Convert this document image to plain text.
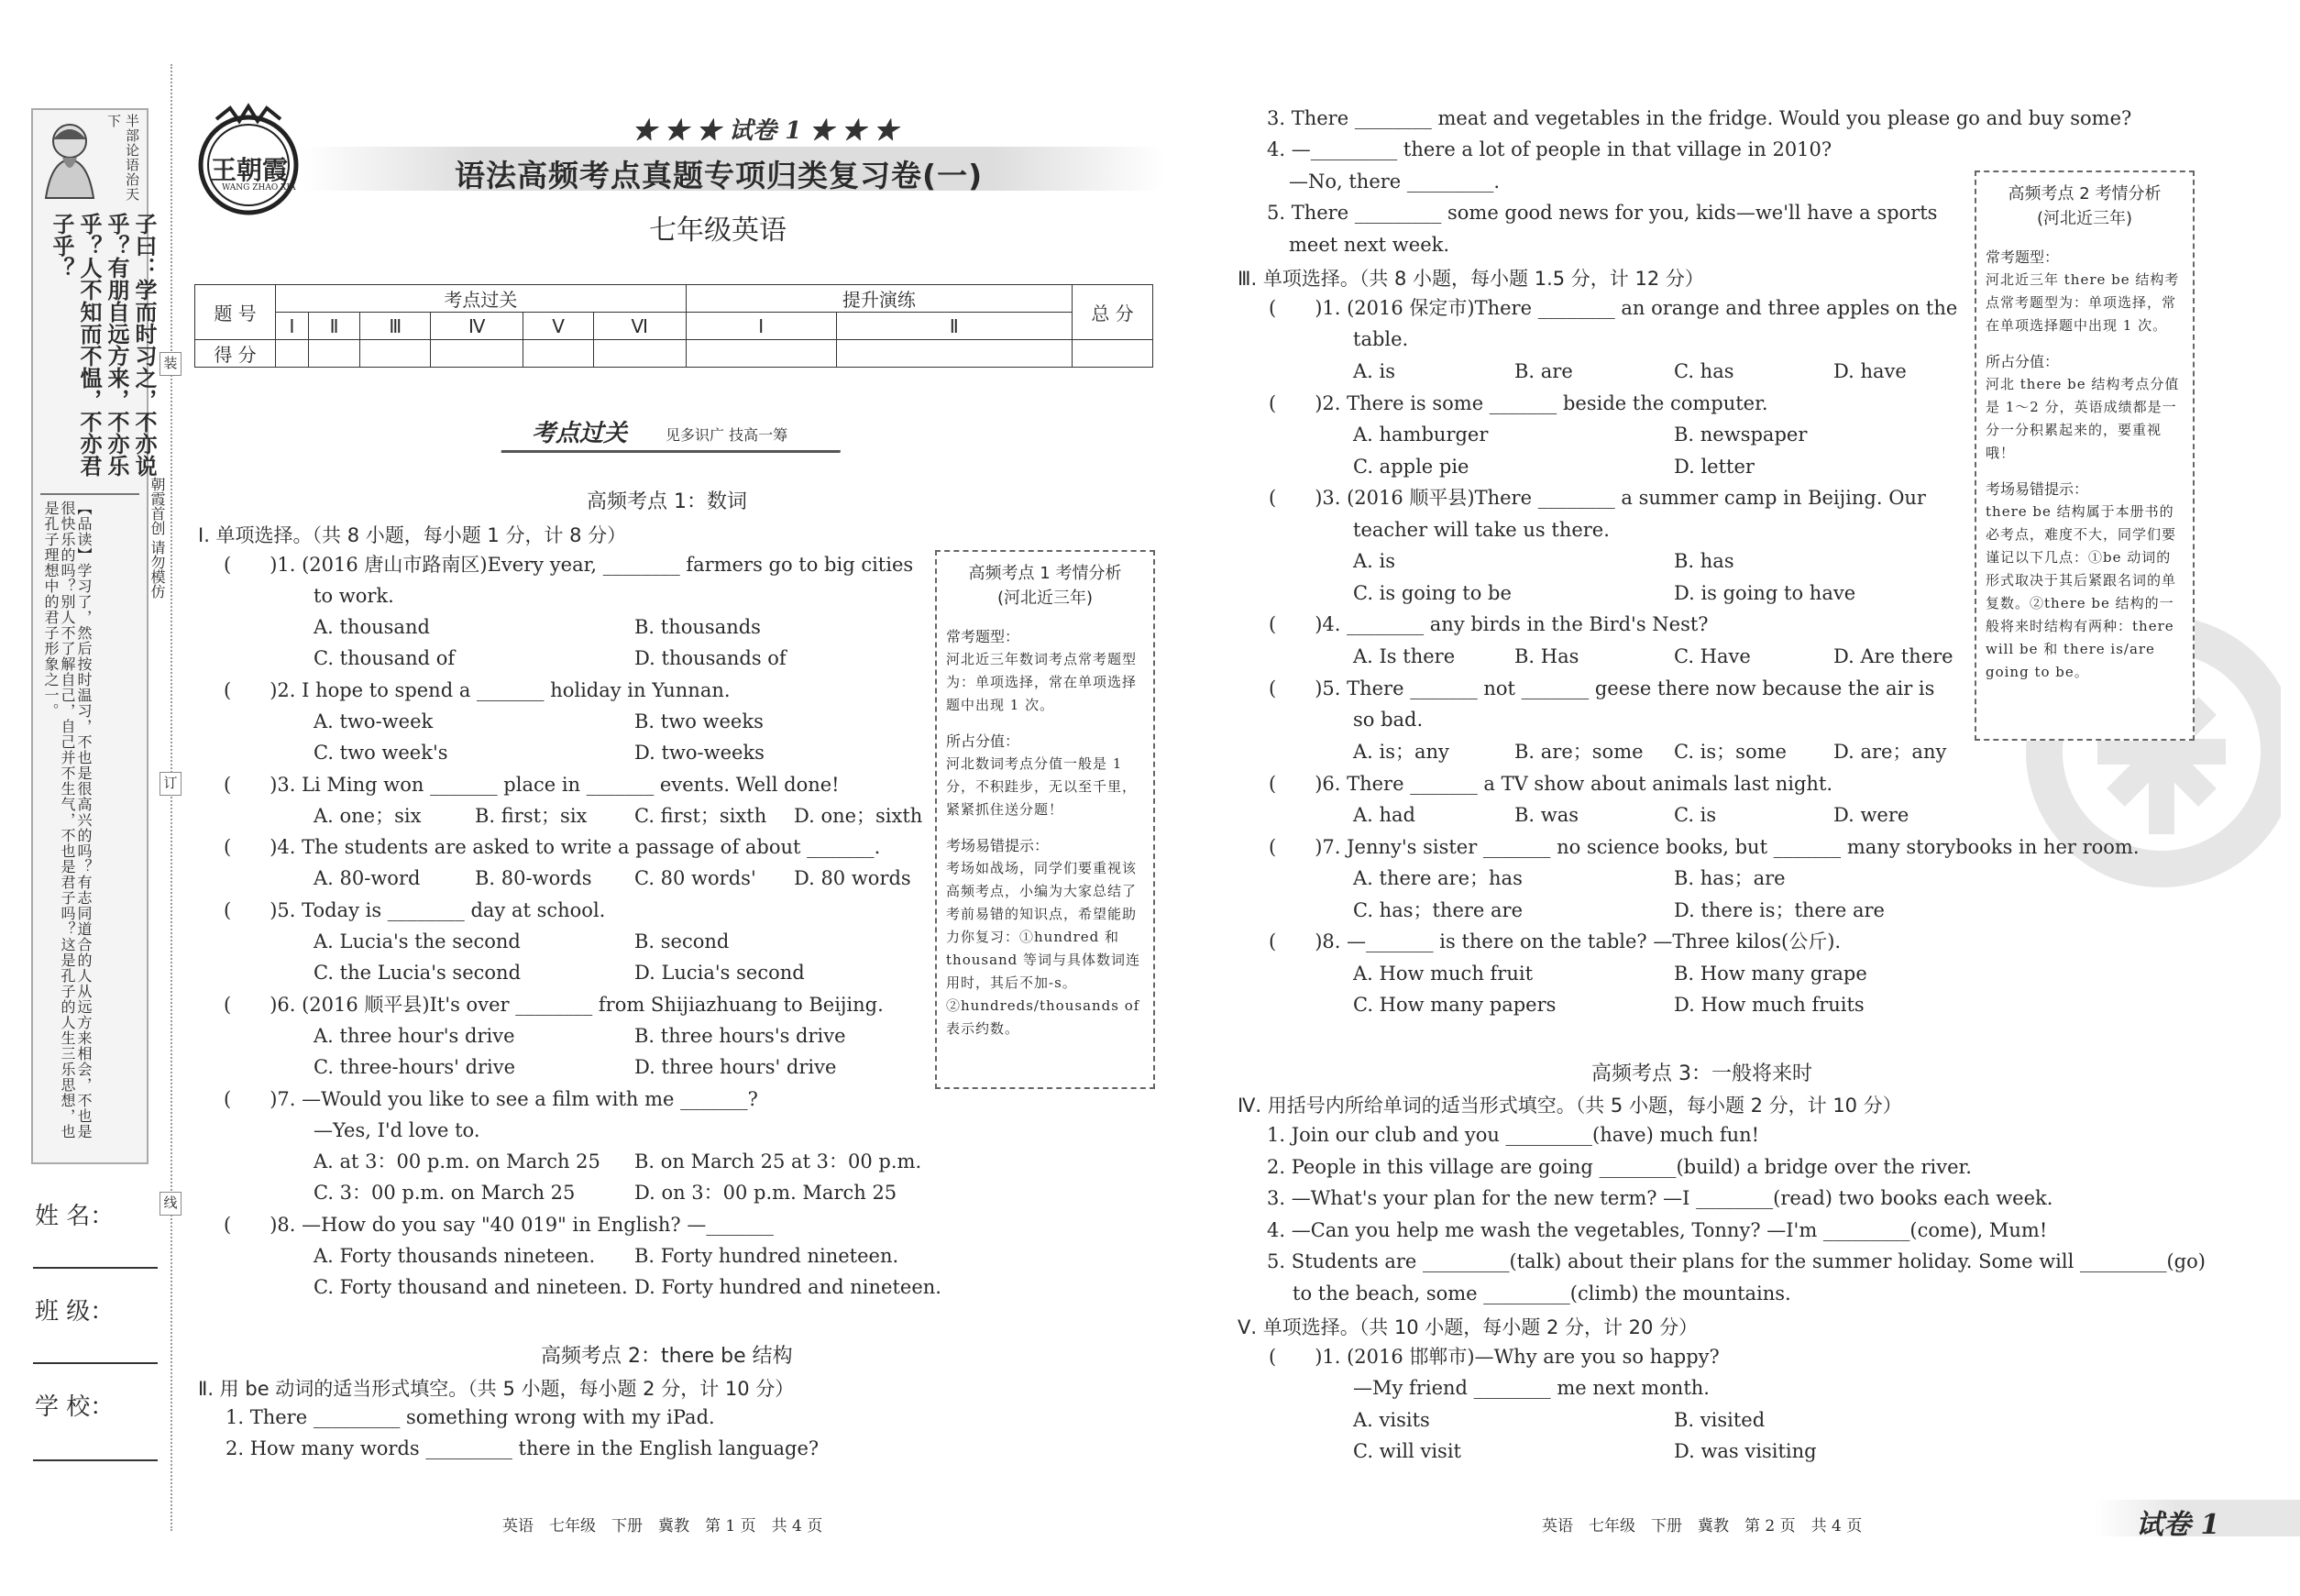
半部论语治天下
子曰：学而时习之，不亦说乎？有朋自远方来，不亦乐乎？人不知而不愠，不亦君子乎？
【品读】学习了，然后按时温习，不也是很高兴的吗？有志同道合的人从远方来相会，不也是很快乐的吗？别人不了解自己，自己并不生气，不也是君子吗？这是孔子的人生三乐思想，也是孔子理想中的君子形象之一。
姓 名：
班 级：
学 校：
装
朝霞首创 请勿模仿
订
线
王朝霞
WANG ZHAO XIA
★ ★ ★ 试卷 1 ★ ★ ★
语法高频考点真题专项归类复习卷(一)
七年级英语
题 号	考点过关						提升演练		总 分
	Ⅰ	Ⅱ	Ⅲ	Ⅳ	Ⅴ	Ⅵ	Ⅰ	Ⅱ	
得 分									
考点过关	见多识广 技高一筹
高频考点 1：数词
Ⅰ. 单项选择。（共 8 小题，每小题 1 分，计 8 分）
(　　)1. (2016 唐山市路南区)Every year, ________ farmers go to big cities
to work.
A. thousand	B. thousands
C. thousand of	D. thousands of
(　　)2. I hope to spend a _______ holiday in Yunnan.
A. two-week	B. two weeks
C. two week's	D. two-weeks
(　　)3. Li Ming won _______ place in _______ events. Well done!
A. one；six	B. first；six C. first；sixth D. one；sixth
(　　)4. The students are asked to write a passage of about _______.
A. 80-word	B. 80-words C. 80 words' D. 80 words
(　　)5. Today is ________ day at school.
A. Lucia's the second	B. second
C. the Lucia's second	D. Lucia's second
(　　)6. (2016 顺平县)It's over ________ from Shijiazhuang to Beijing.
A. three hour's drive	B. three hours's drive
C. three-hours' drive	D. three hours' drive
(　　)7. —Would you like to see a film with me _______?
—Yes, I'd love to.
A. at 3：00 p.m. on March 25 B. on March 25 at 3：00 p.m.
C. 3：00 p.m. on March 25	D. on 3：00 p.m. March 25
(　　)8. —How do you say "40 019" in English? —_______
A. Forty thousands nineteen. B. Forty hundred nineteen.
C. Forty thousand and nineteen. D. Forty hundred and nineteen.
高频考点 1 考情分析
(河北近三年)
常考题型：
河北近三年数词考点常考题型为：单项选择，常在单项选择题中出现 1 次。
所占分值：
河北数词考点分值一般是 1 分，不积跬步，无以至千里，紧紧抓住送分题！
考场易错提示：
考场如战场，同学们要重视该高频考点，小编为大家总结了考前易错的知识点，希望能助力你复习：①hundred 和 thousand 等词与具体数词连用时，其后不加-s。②hundreds/thousands of 表示约数。
高频考点 2：there be 结构
Ⅱ. 用 be 动词的适当形式填空。（共 5 小题，每小题 2 分，计 10 分）
1. There _________ something wrong with my iPad.
2. How many words _________ there in the English language?
英语　七年级　下册　冀教　第 1 页　共 4 页
3. There ________ meat and vegetables in the fridge. Would you please go and buy some?
4. —_________ there a lot of people in that village in 2010?
—No, there _________.
5. There _________ some good news for you, kids—we'll have a sports
meet next week.
Ⅲ. 单项选择。（共 8 小题，每小题 1.5 分，计 12 分）
(　　)1. (2016 保定市)There ________ an orange and three apples on the
table.
A. is	B. are	C. has	D. have
(　　)2. There is some _______ beside the computer.
A. hamburger	B. newspaper
C. apple pie	D. letter
(　　)3. (2016 顺平县)There ________ a summer camp in Beijing. Our
teacher will take us there.
A. is	B. has
C. is going to be	D. is going to have
(　　)4. ________ any birds in the Bird's Nest?
A. Is there	B. Has	C. Have	D. Are there
(　　)5. There _______ not _______ geese there now because the air is
so bad.
A. is；any	B. are；some C. is；some D. are；any
(　　)6. There _______ a TV show about animals last night.
A. had	B. was	C. is	D. were
(　　)7. Jenny's sister _______ no science books, but _______ many storybooks in her room.
A. there are；has	B. has；are
C. has；there are	D. there is；there are
(　　)8. —_______ is there on the table? —Three kilos(公斤).
A. How much fruit	B. How many grape
C. How many papers	D. How much fruits
高频考点 2 考情分析
(河北近三年)
常考题型：
河北近三年 there be 结构考点常考题型为：单项选择，常在单项选择题中出现 1 次。
所占分值：
河北 there be 结构考点分值是 1～2 分，英语成绩都是一分一分积累起来的，要重视哦！
考场易错提示：
there be 结构属于本册书的必考点，难度不大，同学们要谨记以下几点：①be 动词的形式取决于其后紧跟名词的单复数。②there be 结构的一般将来时结构有两种：there will be 和 there is/are going to be。
高频考点 3：一般将来时
Ⅳ. 用括号内所给单词的适当形式填空。（共 5 小题，每小题 2 分，计 10 分）
1. Join our club and you _________(have) much fun!
2. People in this village are going ________(build) a bridge over the river.
3. —What's your plan for the new term? —I ________(read) two books each week.
4. —Can you help me wash the vegetables, Tonny? —I'm _________(come), Mum!
5. Students are _________(talk) about their plans for the summer holiday. Some will _________(go)
to the beach, some _________(climb) the mountains.
Ⅴ. 单项选择。（共 10 小题，每小题 2 分，计 20 分）
(　　)1. (2016 邯郸市)—Why are you so happy?
—My friend ________ me next month.
A. visits	B. visited
C. will visit	D. was visiting
英语　七年级　下册　冀教　第 2 页　共 4 页	试卷 1
